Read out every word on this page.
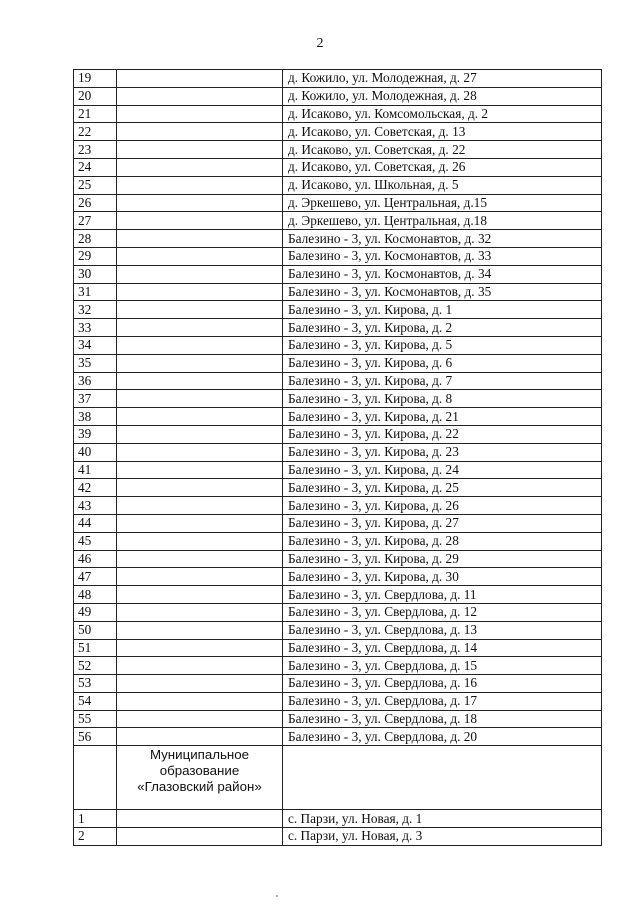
2
19		д. Кожило, ул. Молодежная, д. 27
20		д. Кожило, ул. Молодежная, д. 28
21		д. Исаково, ул. Комсомольская, д. 2
22		д. Исаково, ул. Советская, д. 13
23		д. Исаково, ул. Советская, д. 22
24		д. Исаково, ул. Советская, д. 26
25		д. Исаково, ул. Школьная, д. 5
26		д. Эркешево, ул. Центральная, д.15
27		д. Эркешево, ул. Центральная, д.18
28		Балезино - 3, ул. Космонавтов, д. 32
29		Балезино - 3, ул. Космонавтов, д. 33
30		Балезино - 3, ул. Космонавтов, д. 34
31		Балезино - 3, ул. Космонавтов, д. 35
32		Балезино - 3, ул. Кирова, д. 1
33		Балезино - 3, ул. Кирова, д. 2
34		Балезино - 3, ул. Кирова, д. 5
35		Балезино - 3, ул. Кирова, д. 6
36		Балезино - 3, ул. Кирова, д. 7
37		Балезино - 3, ул. Кирова, д. 8
38		Балезино - 3, ул. Кирова, д. 21
39		Балезино - 3, ул. Кирова, д. 22
40		Балезино - 3, ул. Кирова, д. 23
41		Балезино - 3, ул. Кирова, д. 24
42		Балезино - 3, ул. Кирова, д. 25
43		Балезино - 3, ул. Кирова, д. 26
44		Балезино - 3, ул. Кирова, д. 27
45		Балезино - 3, ул. Кирова, д. 28
46		Балезино - 3, ул. Кирова, д. 29
47		Балезино - 3, ул. Кирова, д. 30
48		Балезино - 3, ул. Свердлова, д. 11
49		Балезино - 3, ул. Свердлова, д. 12
50		Балезино - 3, ул. Свердлова, д. 13
51		Балезино - 3, ул. Свердлова, д. 14
52		Балезино - 3, ул. Свердлова, д. 15
53		Балезино - 3, ул. Свердлова, д. 16
54		Балезино - 3, ул. Свердлова, д. 17
55		Балезино - 3, ул. Свердлова, д. 18
56		Балезино - 3, ул. Свердлова, д. 20

	Муниципальное
образование
«Глазовский район»	

1		с. Парзи, ул. Новая, д. 1
2		с. Парзи, ул. Новая, д. 3
